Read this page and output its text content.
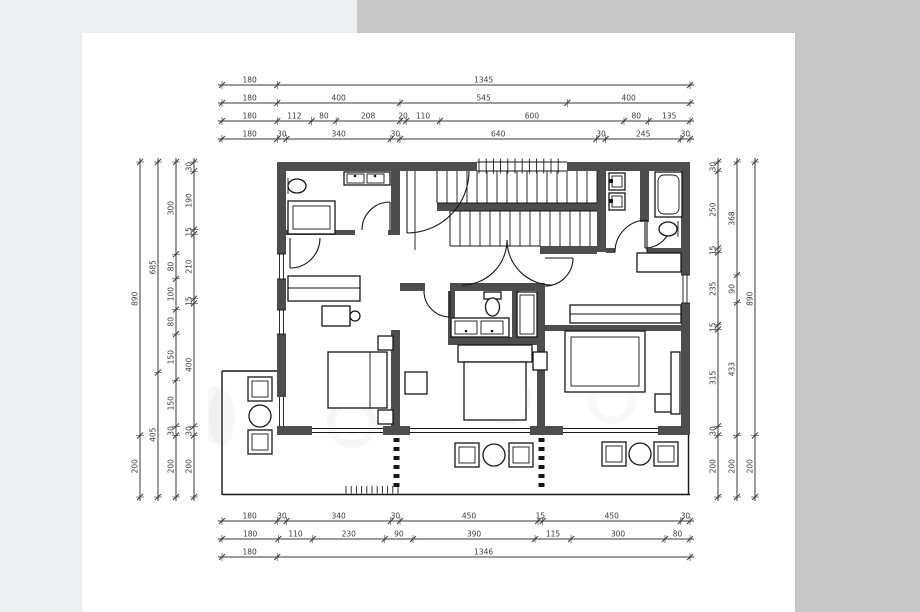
180	1345
180	400	545	400
180	112 80	208	20 110	600	80	135
180	30	340	30	640	30	245	30
180	30	340	30	450	15	450	30
180	110	230	90	390	115	300	80
180	1346
890
200
685
405
300
80
100
80
150
150
30
200
30
190
15
210
15
400
30
200
30
250
15
235
15
315
30
200
368
90
433
200
890
200
